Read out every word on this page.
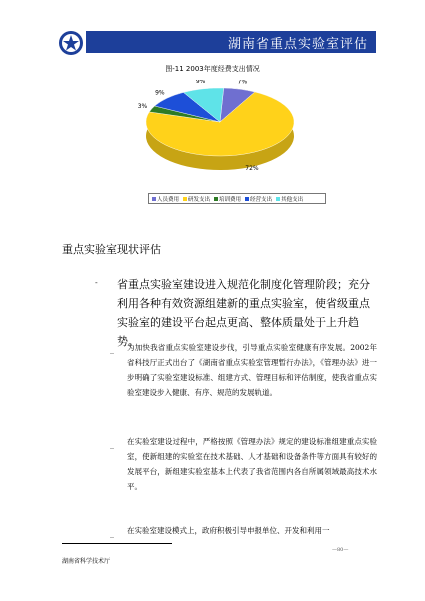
湖南省重点实验室评估
图-11 2003年度经费支出情况
7%
72%
3%
9%
9%
人员费用 研发支出 培训费用 经营支出 其他支出
重点实验室现状评估
- 省重点实验室建设进入规范化制度化管理阶段；充分利用各种有效资源组建新的重点实验室，使省级重点实验室的建设平台起点更高、整体质量处于上升趋势。
_ 为加快我省重点实验室建设步伐，引导重点实验室健康有序发展。2002年省科技厅正式出台了《湖南省重点实验室管理暂行办法》，《管理办法》进一步明确了实验室建设标准、组建方式、管理目标和评估制度，使我省重点实验室建设步入健康、有序、规范的发展轨道。
_ 在实验室建设过程中，严格按照《管理办法》规定的建设标准组建重点实验室，使新组建的实验室在技术基础、人才基础和设备条件等方面具有较好的发展平台，新组建实验室基本上代表了我省范围内各自所属领域最高技术水平。
_ 在实验室建设模式上，政府积极引导申报单位、开发和利用一
湖南省科学技术厅
—80—
